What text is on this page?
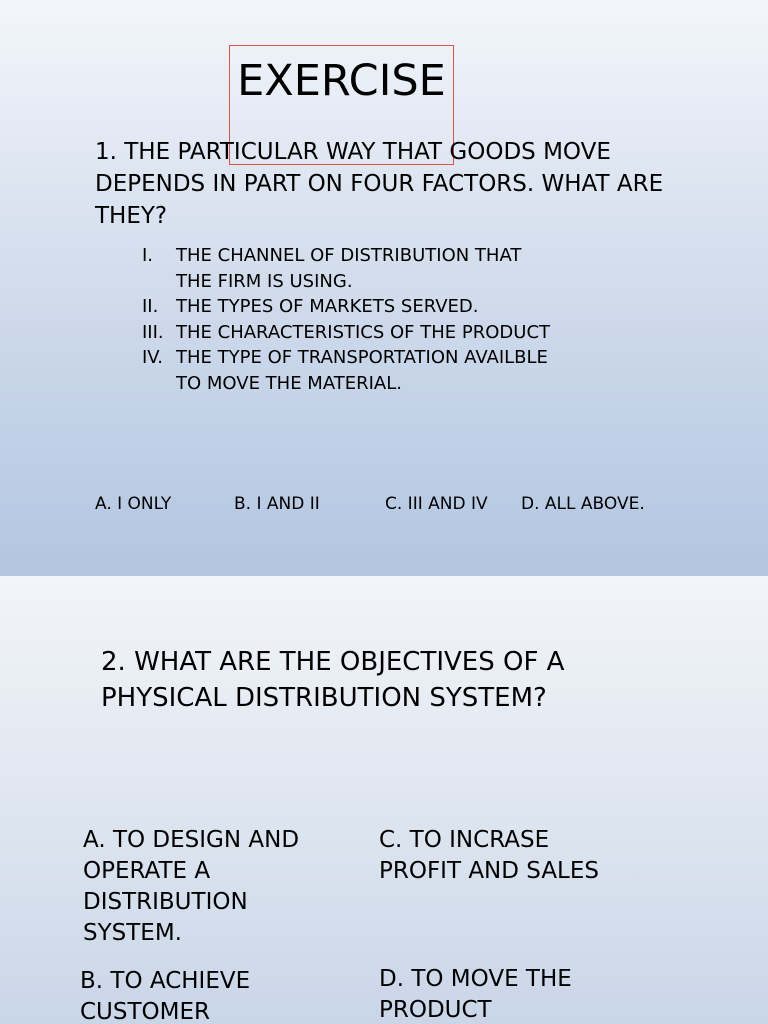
EXERCISE

1. THE PARTICULAR WAY THAT GOODS MOVE DEPENDS IN PART ON FOUR FACTORS. WHAT ARE THEY?

I. THE CHANNEL OF DISTRIBUTION THAT THE FIRM IS USING.
II. THE TYPES OF MARKETS SERVED.
III. THE CHARACTERISTICS OF THE PRODUCT
IV. THE TYPE OF TRANSPORTATION AVAILBLE TO MOVE THE MATERIAL.
A. I ONLY	B. I AND II	C. III AND IV D. ALL ABOVE.

2. WHAT ARE THE OBJECTIVES OF A PHYSICAL DISTRIBUTION SYSTEM?

A. TO DESIGN AND OPERATE A DISTRIBUTION SYSTEM.

C. TO INCRASE PROFIT AND SALES

B. TO ACHIEVE CUSTOMER

D. TO MOVE THE PRODUCT
